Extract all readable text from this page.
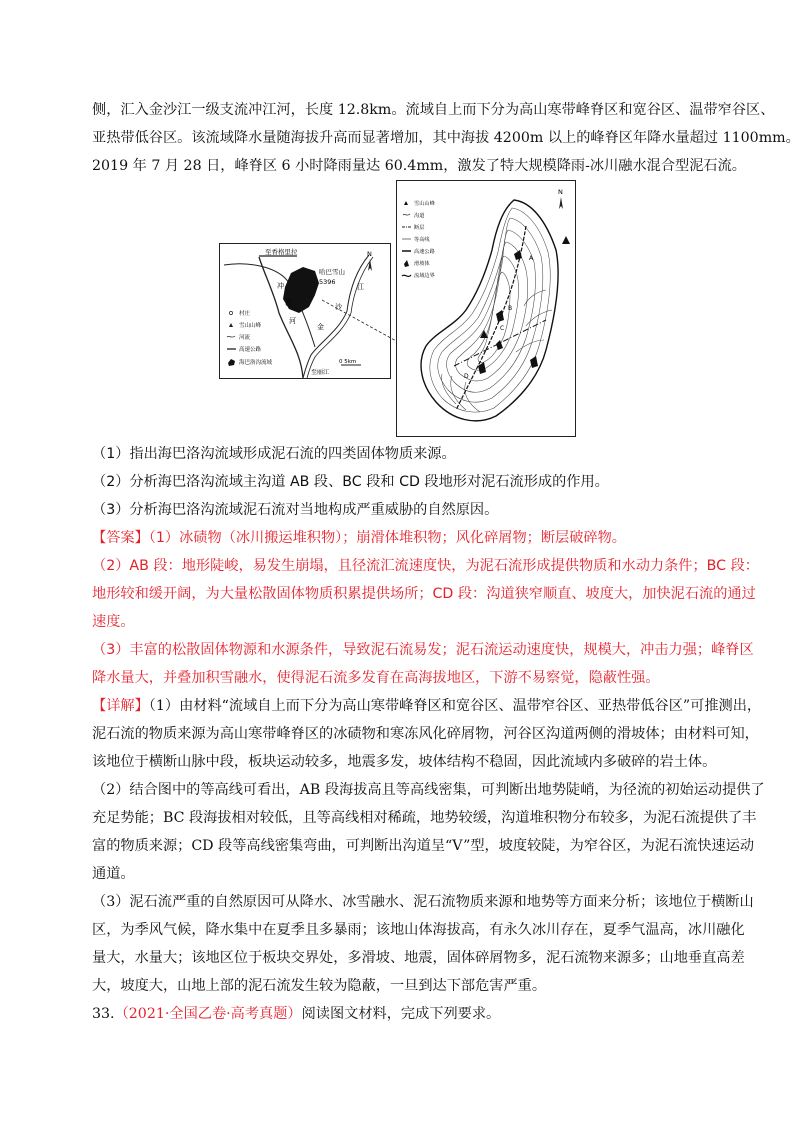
侧，汇入金沙江一级支流冲江河，长度 12.8km。流域自上而下分为高山寒带峰脊区和宽谷区、温带窄谷区、
亚热带低谷区。该流域降水量随海拔升高而显著增加，其中海拔 4200m 以上的峰脊区年降水量超过 1100mm。
2019 年 7 月 28 日，峰脊区 6 小时降雨量达 60.4mm，激发了特大规模降雨-冰川融水混合型泥石流。
至香格里拉
哈巴雪山
5396
冲
江
河
沙
江
金
N
村庄
雪山山峰
河流
高速公路
海巴洛沟流域	0 5km
至丽江
A
B
C
D
N
雪山山峰
沟道
断层
等高线
高速公路
滑坡体
流域边界
（1）指出海巴洛沟流域形成泥石流的四类固体物质来源。
（2）分析海巴洛沟流域主沟道 AB 段、BC 段和 CD 段地形对泥石流形成的作用。
（3）分析海巴洛沟流域泥石流对当地构成严重威胁的自然原因。
【答案】（1）冰碛物（冰川搬运堆积物）；崩滑体堆积物；风化碎屑物；断层破碎物。
（2）AB 段：地形陡峻，易发生崩塌，且径流汇流速度快，为泥石流形成提供物质和水动力条件；BC 段：
地形较和缓开阔，为大量松散固体物质积累提供场所；CD 段：沟道狭窄顺直、坡度大，加快泥石流的通过
速度。
（3）丰富的松散固体物源和水源条件，导致泥石流易发；泥石流运动速度快，规模大，冲击力强；峰脊区
降水量大，并叠加积雪融水，使得泥石流多发育在高海拔地区，下游不易察觉，隐蔽性强。
【详解】（1）由材料“流域自上而下分为高山寒带峰脊区和宽谷区、温带窄谷区、亚热带低谷区”可推测出，
泥石流的物质来源为高山寒带峰脊区的冰碛物和寒冻风化碎屑物，河谷区沟道两侧的滑坡体；由材料可知，
该地位于横断山脉中段，板块运动较多，地震多发，坡体结构不稳固，因此流域内多破碎的岩土体。
（2）结合图中的等高线可看出，AB 段海拔高且等高线密集，可判断出地势陡峭，为径流的初始运动提供了
充足势能；BC 段海拔相对较低，且等高线相对稀疏，地势较缓，沟道堆积物分布较多，为泥石流提供了丰
富的物质来源；CD 段等高线密集弯曲，可判断出沟道呈“V”型，坡度较陡，为窄谷区，为泥石流快速运动
通道。
（3）泥石流严重的自然原因可从降水、冰雪融水、泥石流物质来源和地势等方面来分析；该地位于横断山
区，为季风气候，降水集中在夏季且多暴雨；该地山体海拔高，有永久冰川存在，夏季气温高，冰川融化
量大，水量大；该地区位于板块交界处，多滑坡、地震，固体碎屑物多，泥石流物来源多；山地垂直高差
大，坡度大，山地上部的泥石流发生较为隐蔽，一旦到达下部危害严重。
33.（2021·全国乙卷·高考真题）阅读图文材料，完成下列要求。
